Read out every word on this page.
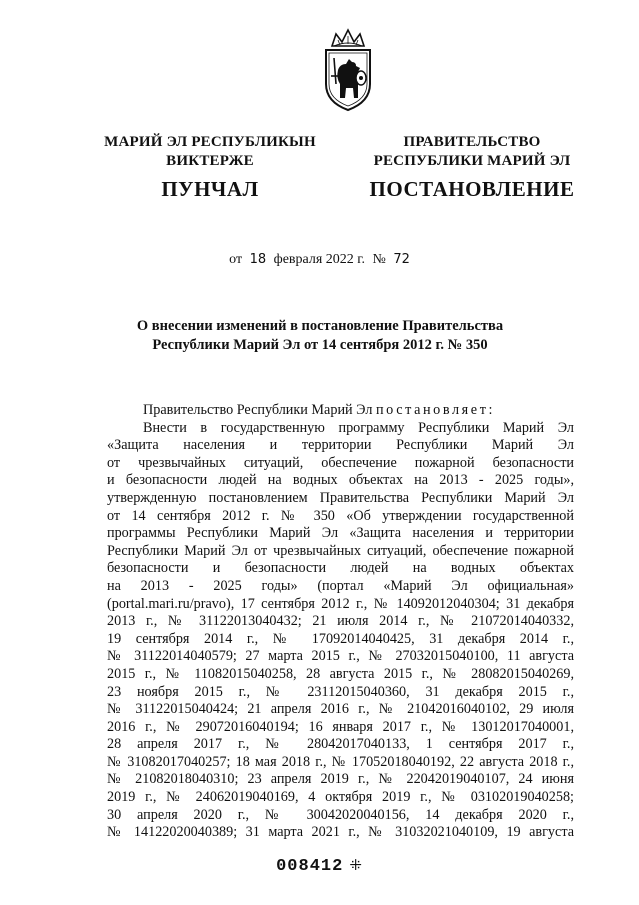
МАРИЙ ЭЛ РЕСПУБЛИКЫН
ВИКТЕРЖЕ
ПУНЧАЛ
ПРАВИТЕЛЬСТВО
РЕСПУБЛИКИ МАРИЙ ЭЛ
ПОСТАНОВЛЕНИЕ
от 18 февраля 2022 г. № 72
О внесении изменений в постановление Правительства
Республики Марий Эл от 14 сентября 2012 г. № 350

Правительство Республики Марий Эл постановляет:

Внести в государственную программу Республики Марий Эл

«Защита населения и территории Республики Марий Эл

от чрезвычайных ситуаций, обеспечение пожарной безопасности

и безопасности людей на водных объектах на 2013 - 2025 годы»,

утвержденную постановлением Правительства Республики Марий Эл

от 14 сентября 2012 г. № 350 «Об утверждении государственной

программы Республики Марий Эл «Защита населения и территории

Республики Марий Эл от чрезвычайных ситуаций, обеспечение пожарной

безопасности и безопасности людей на водных объектах

на 2013 - 2025 годы» (портал «Марий Эл официальная»

(portal.mari.ru/pravo), 17 сентября 2012 г., № 14092012040304; 31 декабря

2013 г., № 31122013040432; 21 июля 2014 г., № 21072014040332,

19 сентября 2014 г., № 17092014040425, 31 декабря 2014 г.,

№ 31122014040579; 27 марта 2015 г., № 27032015040100, 11 августа

2015 г., № 11082015040258, 28 августа 2015 г., № 28082015040269,

23 ноября 2015 г., № 23112015040360, 31 декабря 2015 г.,

№ 31122015040424; 21 апреля 2016 г., № 21042016040102, 29 июля

2016 г., № 29072016040194; 16 января 2017 г., № 13012017040001,

28 апреля 2017 г., № 28042017040133, 1 сентября 2017 г.,

№ 31082017040257; 18 мая 2018 г., № 17052018040192, 22 августа 2018 г.,

№ 21082018040310; 23 апреля 2019 г., № 22042019040107, 24 июня

2019 г., № 24062019040169, 4 октября 2019 г., № 03102019040258;

30 апреля 2020 г., № 30042020040156, 14 декабря 2020 г.,

№ 14122020040389; 31 марта 2021 г., № 31032021040109, 19 августа

008412 ⁜
